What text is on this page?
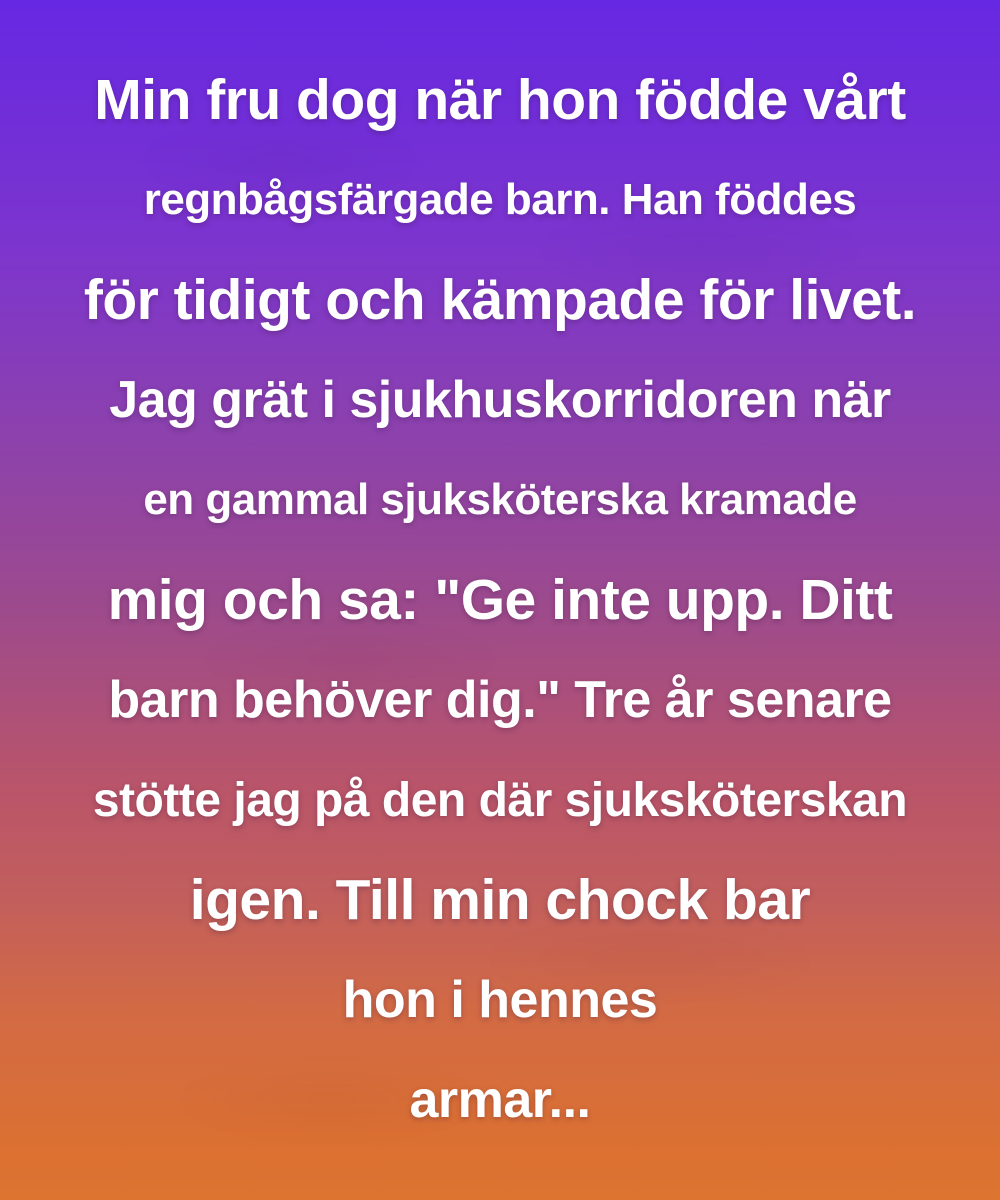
Min fru dog när hon födde vårt
regnbågsfärgade barn. Han föddes
för tidigt och kämpade för livet.
Jag grät i sjukhuskorridoren när
en gammal sjuksköterska kramade
mig och sa: "Ge inte upp. Ditt
barn behöver dig." Tre år senare
stötte jag på den där sjuksköterskan
igen. Till min chock bar
hon i hennes
armar...
